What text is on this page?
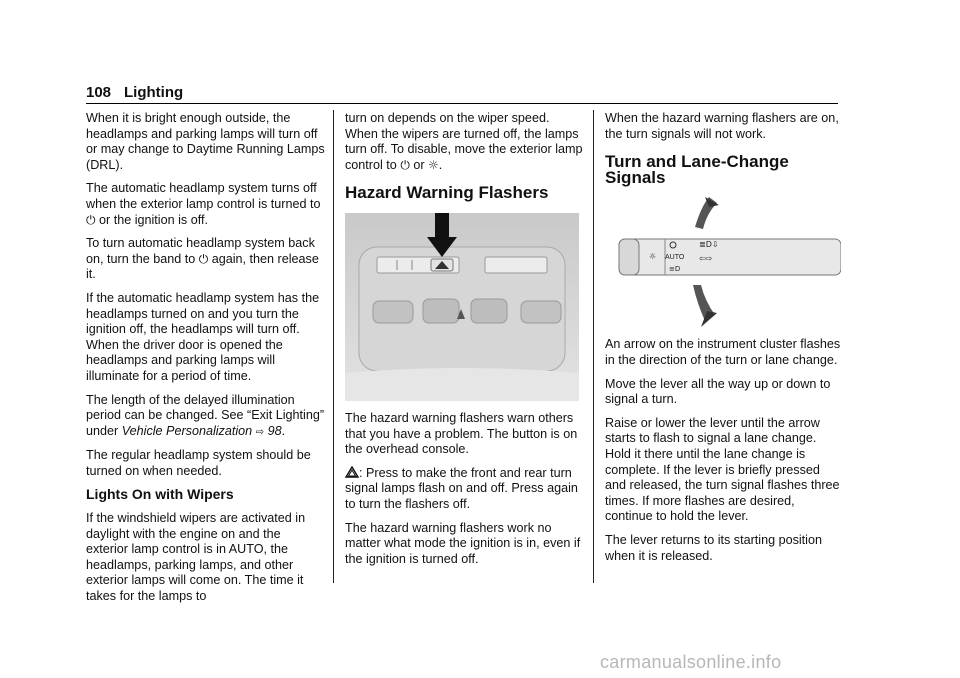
108 Lighting

When it is bright enough outside, the headlamps and parking lamps will turn off or may change to Daytime Running Lamps (DRL).

The automatic headlamp system turns off when the exterior lamp control is turned to
⏻ or the ignition is off.

To turn automatic headlamp system back on, turn the band to ⏻ again, then release it.

If the automatic headlamp system has the headlamps turned on and you turn the ignition off, the headlamps will turn off. When the driver door is opened the headlamps and parking lamps will illuminate for a period of time.

The length of the delayed illumination period can be changed. See “Exit Lighting” under Vehicle Personalization ⇨ 98.

The regular headlamp system should be turned on when needed.

Lights On with Wipers

If the windshield wipers are activated in daylight with the engine on and the exterior lamp control is in AUTO, the headlamps, parking lamps, and other exterior lamps will come on. The time it takes for the lamps to

turn on depends on the wiper speed. When the wipers are turned off, the lamps turn off. To disable, move the exterior lamp control to ⏻ or ☼.

Hazard Warning Flashers

The hazard warning flashers warn others that you have a problem. The button is on the overhead console.

: Press to make the front and rear turn signal lamps flash on and off. Press again to turn the flashers off.

The hazard warning flashers work no matter what mode the ignition is in, even if the ignition is turned off.

When the hazard warning flashers are on, the turn signals will not work.

Turn and Lane-Change Signals
AUTO
☼
≡D
≣D⇩
⇦⇨

An arrow on the instrument cluster flashes in the direction of the turn or lane change.

Move the lever all the way up or down to signal a turn.

Raise or lower the lever until the arrow starts to flash to signal a lane change. Hold it there until the lane change is complete. If the lever is briefly pressed and released, the turn signal flashes three times. If more flashes are desired, continue to hold the lever.

The lever returns to its starting position when it is released.

carmanualsonline.info
